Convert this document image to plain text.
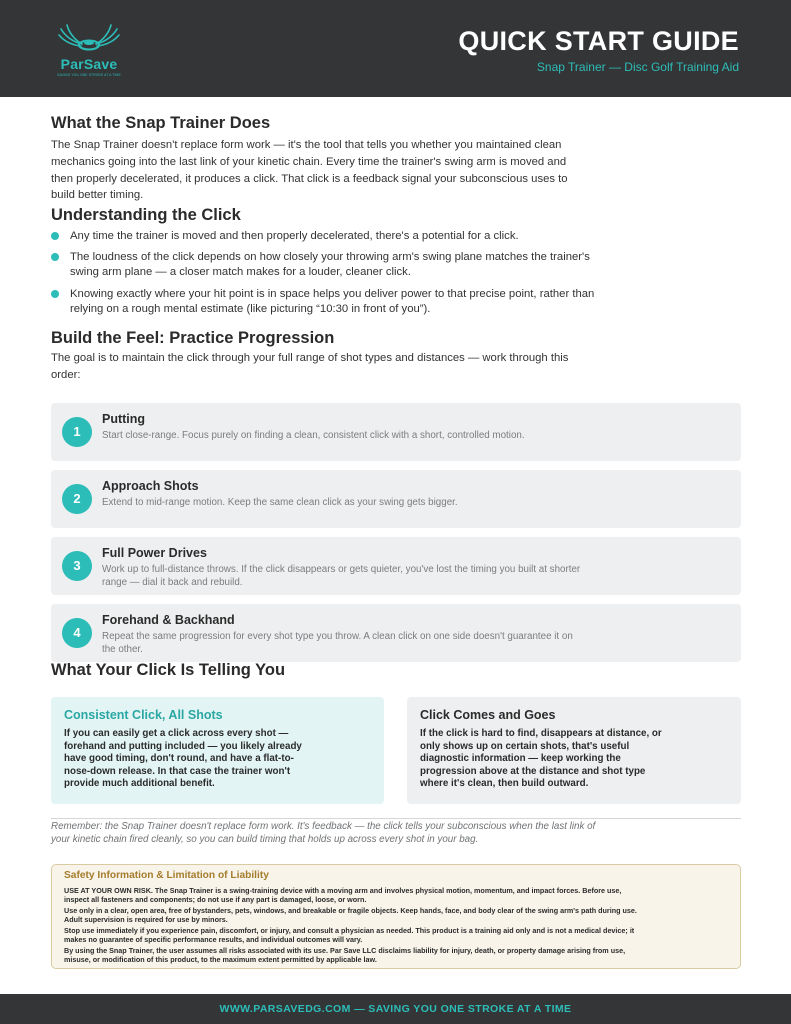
ParSave
SAVING YOU ONE STROKE AT A TIME
QUICK START GUIDE
Snap Trainer — Disc Golf Training Aid
What the Snap Trainer Does
The Snap Trainer doesn't replace form work — it's the tool that tells you whether you maintained clean mechanics going into the last link of your kinetic chain. Every time the trainer's swing arm is moved and then properly decelerated, it produces a click. That click is a feedback signal your subconscious uses to build better timing.
Understanding the Click
Any time the trainer is moved and then properly decelerated, there's a potential for a click.
The loudness of the click depends on how closely your throwing arm's swing plane matches the trainer's swing arm plane — a closer match makes for a louder, cleaner click.
Knowing exactly where your hit point is in space helps you deliver power to that precise point, rather than relying on a rough mental estimate (like picturing “10:30 in front of you”).
Build the Feel: Practice Progression
The goal is to maintain the click through your full range of shot types and distances — work through this order:
1
Putting
Start close-range. Focus purely on finding a clean, consistent click with a short, controlled motion.
2
Approach Shots
Extend to mid-range motion. Keep the same clean click as your swing gets bigger.
3
Full Power Drives
Work up to full-distance throws. If the click disappears or gets quieter, you've lost the timing you built at shorter range — dial it back and rebuild.
4
Forehand & Backhand
Repeat the same progression for every shot type you throw. A clean click on one side doesn't guarantee it on the other.
What Your Click Is Telling You
Consistent Click, All Shots
If you can easily get a click across every shot — forehand and putting included — you likely already have good timing, don't round, and have a flat-to-nose-down release. In that case the trainer won't provide much additional benefit.
Click Comes and Goes
If the click is hard to find, disappears at distance, or only shows up on certain shots, that's useful diagnostic information — keep working the progression above at the distance and shot type where it's clean, then build outward.
Remember: the Snap Trainer doesn't replace form work. It's feedback — the click tells your subconscious when the last link of your kinetic chain fired cleanly, so you can build timing that holds up across every shot in your bag.
Safety Information & Limitation of Liability

USE AT YOUR OWN RISK. The Snap Trainer is a swing-training device with a moving arm and involves physical motion, momentum, and impact forces. Before use, inspect all fasteners and components; do not use if any part is damaged, loose, or worn.

Use only in a clear, open area, free of bystanders, pets, windows, and breakable or fragile objects. Keep hands, face, and body clear of the swing arm's path during use. Adult supervision is required for use by minors.

Stop use immediately if you experience pain, discomfort, or injury, and consult a physician as needed. This product is a training aid only and is not a medical device; it makes no guarantee of specific performance results, and individual outcomes will vary.

By using the Snap Trainer, the user assumes all risks associated with its use. Par Save LLC disclaims liability for injury, death, or property damage arising from use, misuse, or modification of this product, to the maximum extent permitted by applicable law.

WWW.PARSAVEDG.COM — SAVING YOU ONE STROKE AT A TIME
